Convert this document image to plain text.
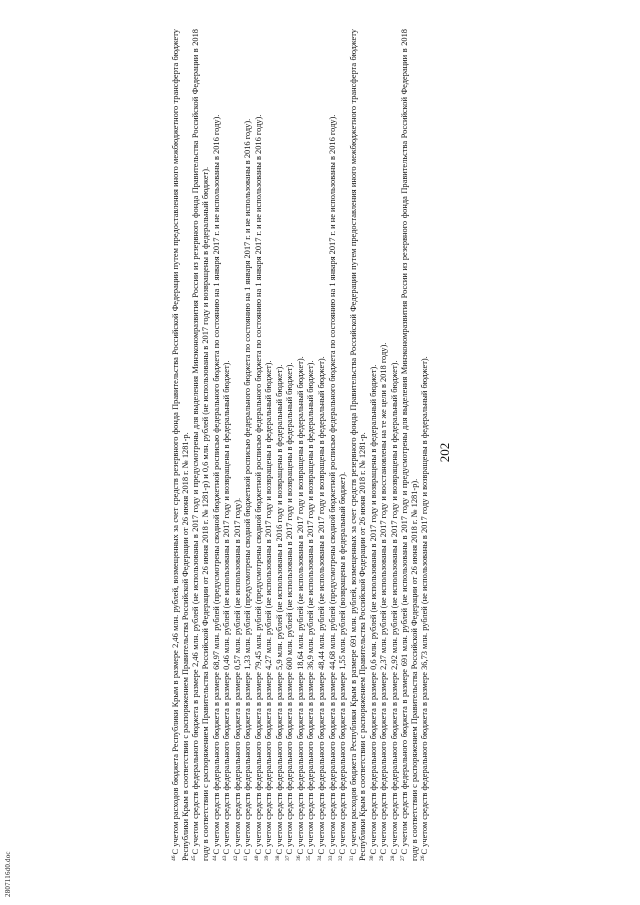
2807116d0.doc	$^{26}$С учетом средств федерального бюджета в размере 36,73 млн. рублей (не использованы в 2017 году и возвращены в федеральный бюджет).

$^{27}$С учетом средств федерального бюджета в размере 691 млн. рублей (не использованы в 2017 году и предусмотрены для выделения Минэкономразвития России из резервного фонда Правительства Российской Федерации в 2018 году в соответствии с распоряжением Правительства Российской Федерации от 26 июня 2018 г. № 1281-р).

$^{28}$С учетом средств федерального бюджета в размере 2,92 млн. рублей (не использованы в 2017 году и возвращены в федеральный бюджет).

$^{29}$С учетом средств федерального бюджета в размере 2,37 млн. рублей (не использованы в 2017 году и восстановлены на те же цели в 2018 году).

$^{30}$С учетом средств федерального бюджета в размере 0,6 млн. рублей (не использованы в 2017 году и возвращены в федеральный бюджет).

$^{31}$С учетом расходов бюджета Республики Крым в размере 691 млн. рублей, возмещенных за счет средств резервного фонда Правительства Российской Федерации путем предоставления иного межбюджетного трансферта бюджету Республики Крым в соответствии с распоряжением Правительства Российской Федерации от 26 июня 2018 г. № 1281-р.

$^{32}$С учетом средств федерального бюджета в размере 1,55 млн. рублей (возвращены в федеральный бюджет).

$^{33}$С учетом средств федерального бюджета в размере 44,68 млн. рублей (предусмотрены сводной бюджетной росписью федерального бюджета по состоянию на 1 января 2017 г. и не использованы в 2016 году).

$^{34}$С учетом средств федерального бюджета в размере 48,44 млн. рублей (не использованы в 2017 году и возвращены в федеральный бюджет).

$^{35}$С учетом средств федерального бюджета в размере 36,9 млн. рублей (не использованы в 2017 году и возвращены в федеральный бюджет).

$^{36}$С учетом средств федерального бюджета в размере 18,64 млн. рублей (не использованы в 2017 году и возвращены в федеральный бюджет).

$^{37}$С учетом средств федерального бюджета в размере 600 млн. рублей (не использованы в 2017 году и возвращены в федеральный бюджет).

$^{38}$С учетом средств федерального бюджета в размере 5,9 млн. рублей (не использованы в 2016 году и возвращены в федеральный бюджет).

$^{39}$С учетом средств федерального бюджета в размере 4,27 млн. рублей (не использованы в 2017 году и возвращены в федеральный бюджет).

$^{40}$С учетом средств федерального бюджета в размере 79,45 млн. рублей (предусмотрены сводной бюджетной росписью федерального бюджета по состоянию на 1 января 2017 г. и не использованы в 2016 году).

$^{41}$С учетом средств федерального бюджета в размере 1,33 млн. рублей (предусмотрены сводной бюджетной росписью федерального бюджета по состоянию на 1 января 2017 г. и не использованы в 2016 году).

$^{42}$С учетом средств федерального бюджета в размере 0,57 млн. рублей (не использованы в 2017 году).

$^{43}$С учетом средств федерального бюджета в размере 0,46 млн. рублей (не использованы в 2017 году и возвращены в федеральный бюджет).

$^{44}$С учетом средств федерального бюджета в размере 68,97 млн. рублей (предусмотрены сводной бюджетной росписью федерального бюджета по состоянию на 1 января 2017 г. и не использованы в 2016 году).

$^{45}$С учетом средств федерального бюджета в размере 2,46 млн. рублей (не использованы в 2017 году и предусмотрены для выделения Минэкономразвития России из резервного фонда Правительства Российской Федерации в 2018 году в соответствии с распоряжением Правительства Российской Федерации от 26 июня 2018 г. № 1281-р) и 0,6 млн. рублей (не использованы в 2017 году и возвращены в федеральный бюджет).

$^{46}$С учетом расходов бюджета Республики Крым в размере 2,46 млн. рублей, возмещенных за счет средств резервного фонда Правительства Российской Федерации путем предоставления иного межбюджетного трансферта бюджету Республики Крым в соответствии с распоряжением Правительства Российской Федерации от 26 июня 2018 г. № 1281-р.	202
